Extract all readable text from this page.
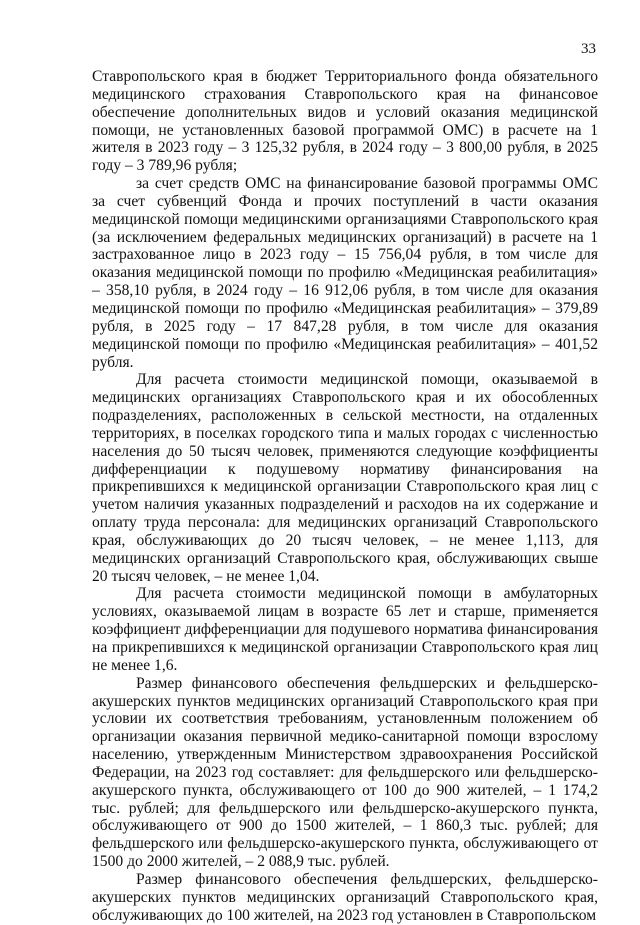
33

Ставропольского края в бюджет Территориального фонда обязательного медицинского страхования Ставропольского края на финансовое обеспечение дополнительных видов и условий оказания медицинской помощи, не установленных базовой программой ОМС) в расчете на 1 жителя в 2023 году – 3 125,32 рубля, в 2024 году – 3 800,00 рубля, в 2025 году – 3 789,96 рубля;

за счет средств ОМС на финансирование базовой программы ОМС за счет субвенций Фонда и прочих поступлений в части оказания медицинской помощи медицинскими организациями Ставропольского края (за исключением федеральных медицинских организаций) в расчете на 1 застрахованное лицо в 2023 году – 15 756,04 рубля, в том числе для оказания медицинской помощи по профилю «Медицинская реабилитация» – 358,10 рубля, в 2024 году – 16 912,06 рубля, в том числе для оказания медицинской помощи по профилю «Медицинская реабилитация» – 379,89 рубля, в 2025 году – 17 847,28 рубля, в том числе для оказания медицинской помощи по профилю «Медицинская реабилитация» – 401,52 рубля.

Для расчета стоимости медицинской помощи, оказываемой в медицинских организациях Ставропольского края и их обособленных подразделениях, расположенных в сельской местности, на отдаленных территориях, в поселках городского типа и малых городах с численностью населения до 50 тысяч человек, применяются следующие коэффициенты дифференциации к подушевому нормативу финансирования на прикрепившихся к медицинской организации Ставропольского края лиц с учетом наличия указанных подразделений и расходов на их содержание и оплату труда персонала: для медицинских организаций Ставропольского края, обслуживающих до 20 тысяч человек, – не менее 1,113, для медицинских организаций Ставропольского края, обслуживающих свыше 20 тысяч человек, – не менее 1,04.

Для расчета стоимости медицинской помощи в амбулаторных условиях, оказываемой лицам в возрасте 65 лет и старше, применяется коэффициент дифференциации для подушевого норматива финансирования на прикрепившихся к медицинской организации Ставропольского края лиц не менее 1,6.

Размер финансового обеспечения фельдшерских и фельдшерско-акушерских пунктов медицинских организаций Ставропольского края при условии их соответствия требованиям, установленным положением об организации оказания первичной медико-санитарной помощи взрослому населению, утвержденным Министерством здравоохранения Российской Федерации, на 2023 год составляет: для фельдшерского или фельдшерско-акушерского пункта, обслуживающего от 100 до 900 жителей, – 1 174,2 тыс. рублей; для фельдшерского или фельдшерско-акушерского пункта, обслуживающего от 900 до 1500 жителей, – 1 860,3 тыс. рублей; для фельдшерского или фельдшерско-акушерского пункта, обслуживающего от 1500 до 2000 жителей, – 2 088,9 тыс. рублей.

Размер финансового обеспечения фельдшерских, фельдшерско-акушерских пунктов медицинских организаций Ставропольского края, обслуживающих до 100 жителей, на 2023 год установлен в Ставропольском
